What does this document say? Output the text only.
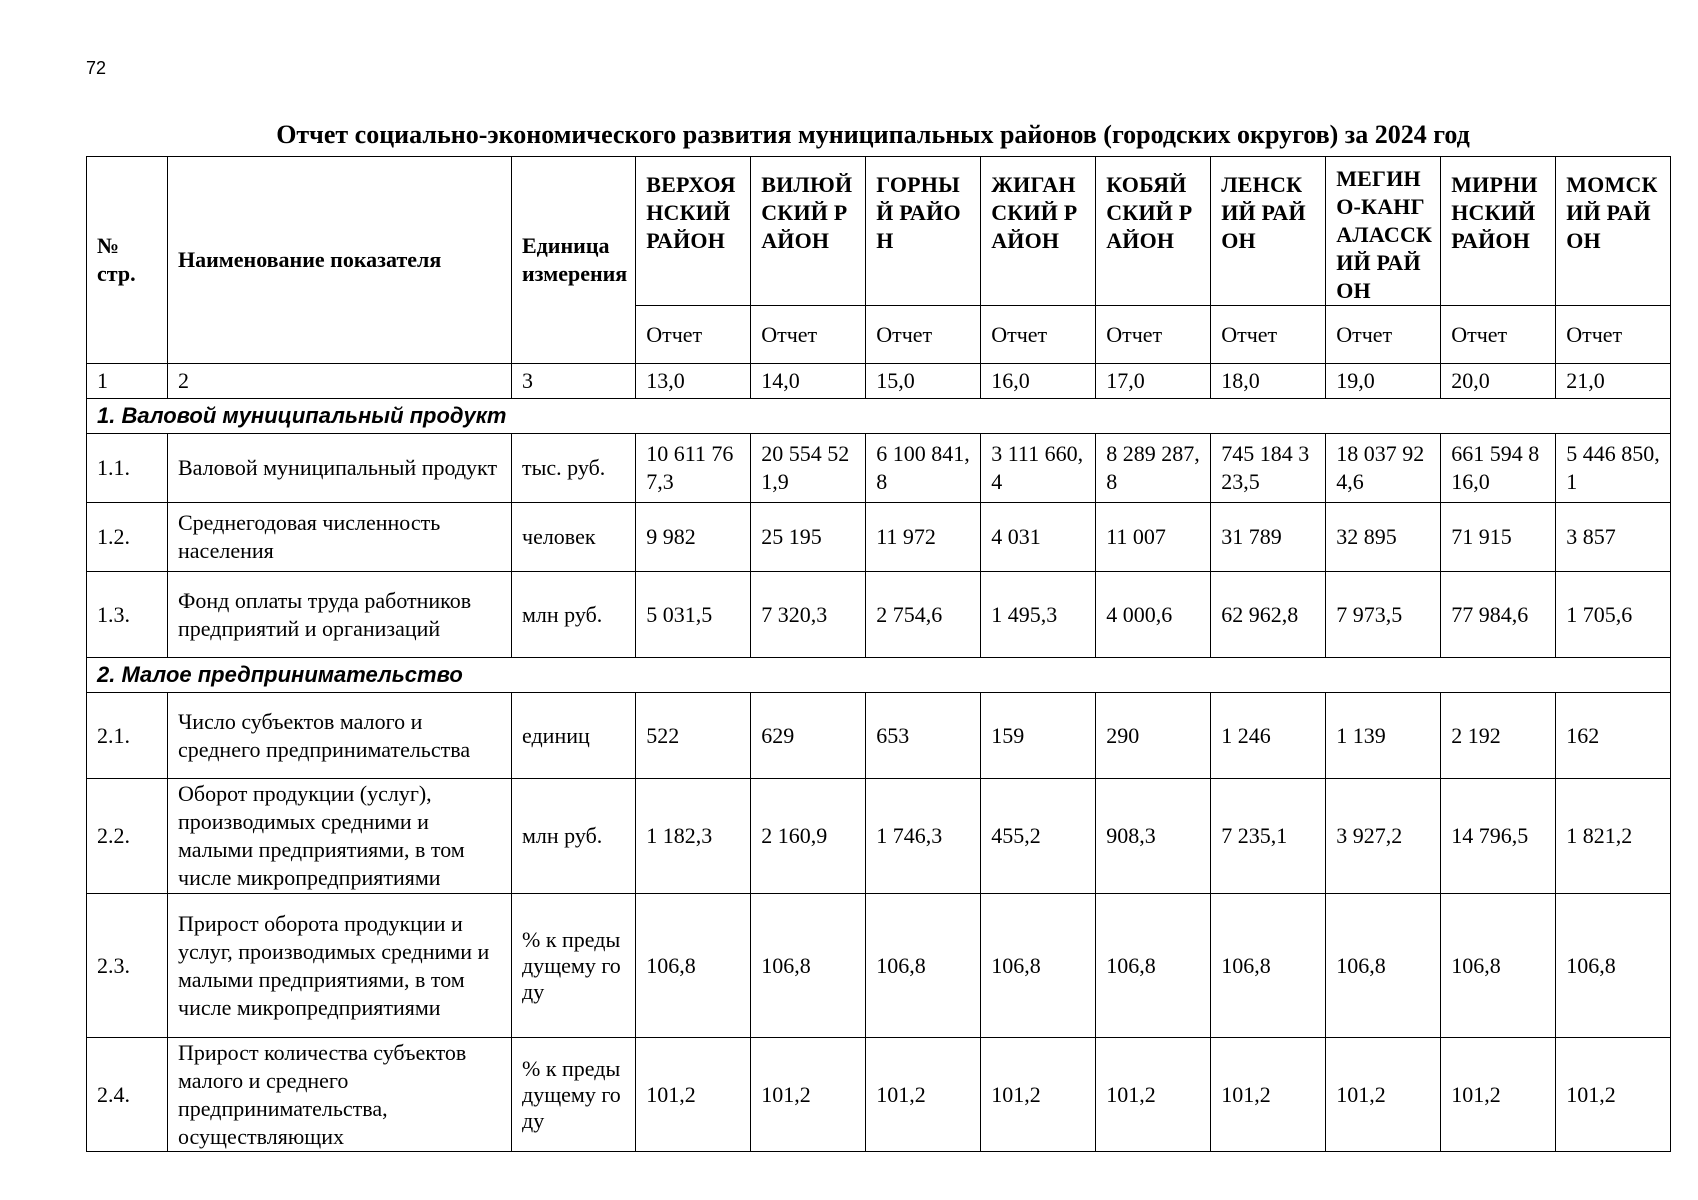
72
Отчет социально-экономического развития муниципальных районов (городских округов) за 2024 год
№ стр.	Наименование показателя	Единица измерения	ВЕРХОЯНСКИЙ РАЙОН	ВИЛЮЙСКИЙ РАЙОН	ГОРНЫЙ РАЙОН	ЖИГАНСКИЙ РАЙОН	КОБЯЙСКИЙ РАЙОН	ЛЕНСКИЙ РАЙОН	МЕГИНО-КАНГАЛАССКИЙ РАЙОН	МИРНИНСКИЙ РАЙОН	МОМСКИЙ РАЙОН
			Отчет	Отчет	Отчет	Отчет	Отчет	Отчет	Отчет	Отчет	Отчет
1	2	3	13,0	14,0	15,0	16,0	17,0	18,0	19,0	20,0	21,0
1. Валовой муниципальный продукт											
1.1.	Валовой муниципальный продукт	тыс. руб.	10 611 767,3	20 554 521,9	6 100 841,8	3 111 660,4	8 289 287,8	745 184 323,5	18 037 924,6	661 594 816,0	5 446 850,1
1.2.	Среднегодовая численность населения	человек	9 982	25 195	11 972	4 031	11 007	31 789	32 895	71 915	3 857
1.3.	Фонд оплаты труда работников предприятий и организаций	млн руб.	5 031,5	7 320,3	2 754,6	1 495,3	4 000,6	62 962,8	7 973,5	77 984,6	1 705,6
2. Малое предпринимательство											
2.1.	Число субъектов малого и среднего предпринимательства	единиц	522	629	653	159	290	1 246	1 139	2 192	162
2.2.	Оборот продукции (услуг), производимых средними и малыми предприятиями, в том числе микропредприятиями	млн руб.	1 182,3	2 160,9	1 746,3	455,2	908,3	7 235,1	3 927,2	14 796,5	1 821,2
2.3.	Прирост оборота продукции и услуг, производимых средними и малыми предприятиями, в том числе микропредприятиями	% к предыдущему году	106,8	106,8	106,8	106,8	106,8	106,8	106,8	106,8	106,8
2.4.	Прирост количества субъектов малого и среднего предпринимательства, осуществляющих	% к предыдущему году	101,2	101,2	101,2	101,2	101,2	101,2	101,2	101,2	101,2
